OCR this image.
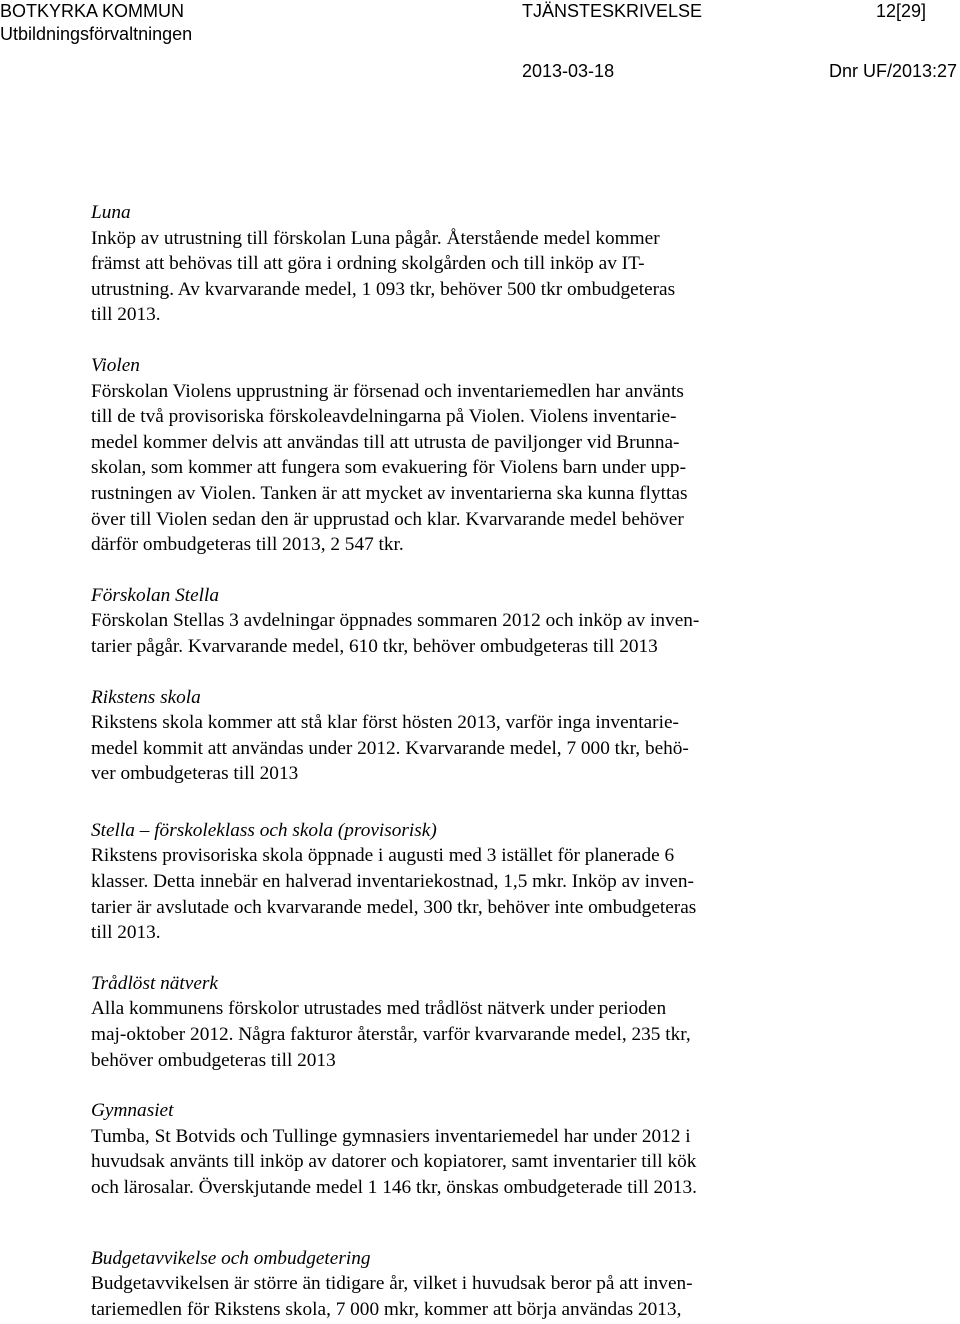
BOTKYRKA KOMMUN
Utbildningsförvaltningen
TJÄNSTESKRIVELSE	12[29]
2013-03-18	Dnr UF/2013:27
Luna
Inköp av utrustning till förskolan Luna pågår. Återstående medel kommer
främst att behövas till att göra i ordning skolgården och till inköp av IT-
utrustning. Av kvarvarande medel, 1 093 tkr, behöver 500 tkr ombudgeteras
till 2013.
Violen
Förskolan Violens upprustning är försenad och inventariemedlen har använts
till de två provisoriska förskoleavdelningarna på Violen. Violens inventarie-
medel kommer delvis att användas till att utrusta de paviljonger vid Brunna-
skolan, som kommer att fungera som evakuering för Violens barn under upp-
rustningen av Violen. Tanken är att mycket av inventarierna ska kunna flyttas
över till Violen sedan den är upprustad och klar. Kvarvarande medel behöver
därför ombudgeteras till 2013, 2 547 tkr.
Förskolan Stella
Förskolan Stellas 3 avdelningar öppnades sommaren 2012 och inköp av inven-
tarier pågår. Kvarvarande medel, 610 tkr, behöver ombudgeteras till 2013
Rikstens skola
Rikstens skola kommer att stå klar först hösten 2013, varför inga inventarie-
medel kommit att användas under 2012. Kvarvarande medel, 7 000 tkr, behö-
ver ombudgeteras till 2013
Stella – förskoleklass och skola (provisorisk)
Rikstens provisoriska skola öppnade i augusti med 3 istället för planerade 6
klasser. Detta innebär en halverad inventariekostnad, 1,5 mkr. Inköp av inven-
tarier är avslutade och kvarvarande medel, 300 tkr, behöver inte ombudgeteras
till 2013.
Trådlöst nätverk
Alla kommunens förskolor utrustades med trådlöst nätverk under perioden
maj-oktober 2012. Några fakturor återstår, varför kvarvarande medel, 235 tkr,
behöver ombudgeteras till 2013
Gymnasiet
Tumba, St Botvids och Tullinge gymnasiers inventariemedel har under 2012 i
huvudsak använts till inköp av datorer och kopiatorer, samt inventarier till kök
och lärosalar. Överskjutande medel 1 146 tkr, önskas ombudgeterade till 2013.
Budgetavvikelse och ombudgetering
Budgetavvikelsen är större än tidigare år, vilket i huvudsak beror på att inven-
tariemedlen för Rikstens skola, 7 000 mkr, kommer att börja användas 2013,
